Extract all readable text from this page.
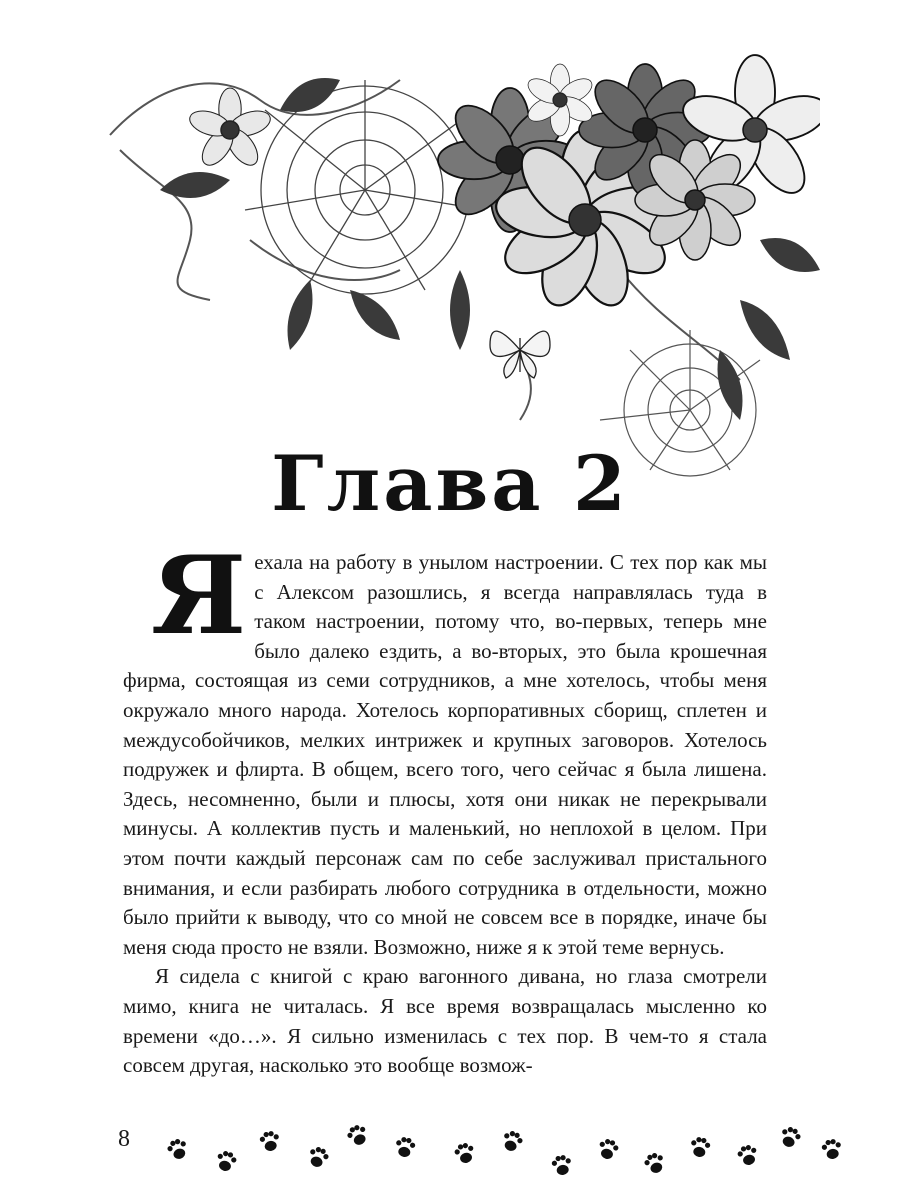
Глава 2

Яехала на работу в унылом настроении. С тех пор как мы с Алексом разошлись, я всегда направлялась туда в таком настроении, потому что, во-первых, теперь мне было далеко ездить, а во-вторых, это была крошечная фирма, состоящая из семи сотрудников, а мне хотелось, чтобы меня окружало много народа. Хотелось корпоративных сборищ, сплетен и междусобойчиков, мелких интрижек и крупных заговоров. Хотелось подружек и флирта. В общем, всего того, чего сейчас я была лишена. Здесь, несомненно, были и плюсы, хотя они никак не перекрывали минусы. А коллектив пусть и маленький, но неплохой в целом. При этом почти каждый персонаж сам по себе заслуживал пристального внимания, и если разбирать любого сотрудника в отдельности, можно было прийти к выводу, что со мной не совсем все в порядке, иначе бы меня сюда просто не взяли. Возможно, ниже я к этой теме вернусь.

Я сидела с книгой с краю вагонного дивана, но глаза смотрели мимо, книга не читалась. Я все время возвращалась мысленно ко времени «до…». Я сильно изменилась с тех пор. В чем-то я стала совсем другая, насколько это вообще возмож-

8
